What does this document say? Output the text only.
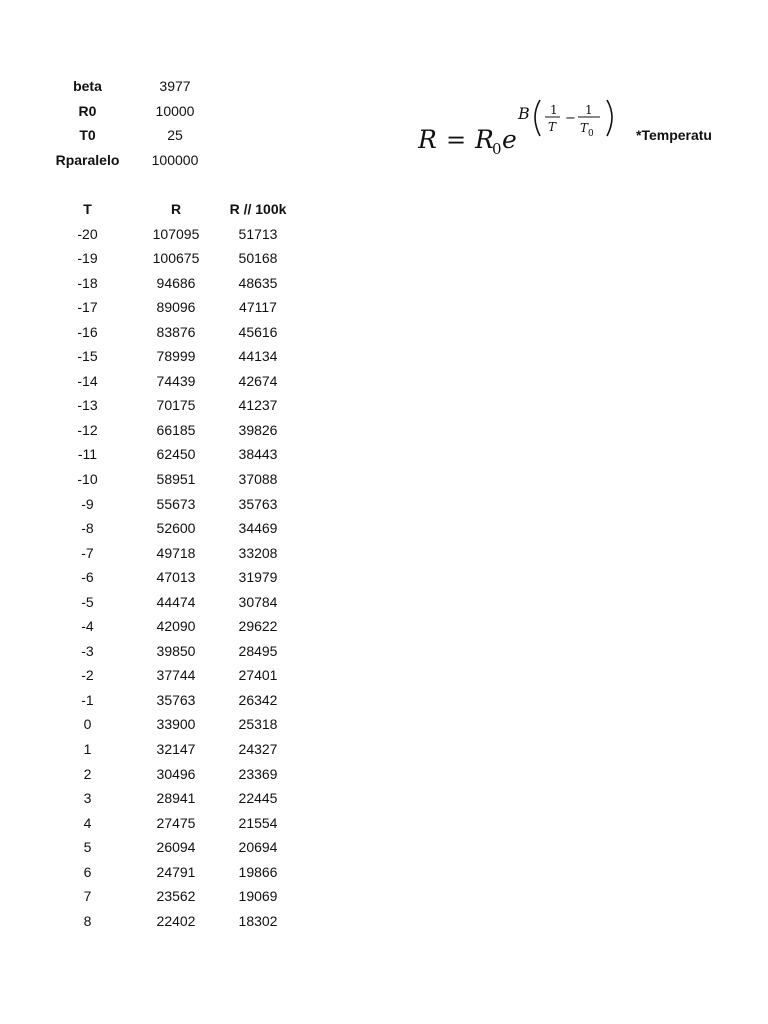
beta	3977
R0	10000
T0	25
Rparalelo	100000
R = R
0 e
B 1
T
−
1
T 0	*Temperatu
T	R	R // 100k
-20	107095	51713
-19	100675	50168
-18	94686	48635
-17	89096	47117
-16	83876	45616
-15	78999	44134
-14	74439	42674
-13	70175	41237
-12	66185	39826
-11	62450	38443
-10	58951	37088
-9	55673	35763
-8	52600	34469
-7	49718	33208
-6	47013	31979
-5	44474	30784
-4	42090	29622
-3	39850	28495
-2	37744	27401
-1	35763	26342
0	33900	25318
1	32147	24327
2	30496	23369
3	28941	22445
4	27475	21554
5	26094	20694
6	24791	19866
7	23562	19069
8	22402	18302
